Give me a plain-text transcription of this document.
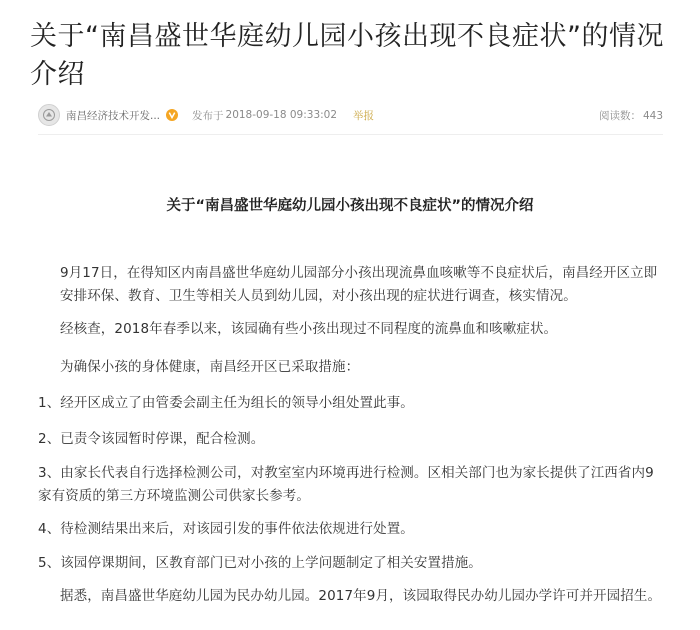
关于“南昌盛世华庭幼儿园小孩出现不良症状”的情况介绍
南昌经济技术开发...	发布于 2018-09-18 09:33:02 举报	阅读数： 443
关于“南昌盛世华庭幼儿园小孩出现不良症状”的情况介绍

9月17日，在得知区内南昌盛世华庭幼儿园部分小孩出现流鼻血咳嗽等不良症状后，南昌经开区立即安排环保、教育、卫生等相关人员到幼儿园，对小孩出现的症状进行调查，核实情况。

经核查，2018年春季以来，该园确有些小孩出现过不同程度的流鼻血和咳嗽症状。

为确保小孩的身体健康，南昌经开区已采取措施：

1、经开区成立了由管委会副主任为组长的领导小组处置此事。

2、已责令该园暂时停课，配合检测。

3、由家长代表自行选择检测公司，对教室室内环境再进行检测。区相关部门也为家长提供了江西省内9家有资质的第三方环境监测公司供家长参考。

4、待检测结果出来后，对该园引发的事件依法依规进行处置。

5、该园停课期间，区教育部门已对小孩的上学问题制定了相关安置措施。

据悉，南昌盛世华庭幼儿园为民办幼儿园。2017年9月，该园取得民办幼儿园办学许可并开园招生。
